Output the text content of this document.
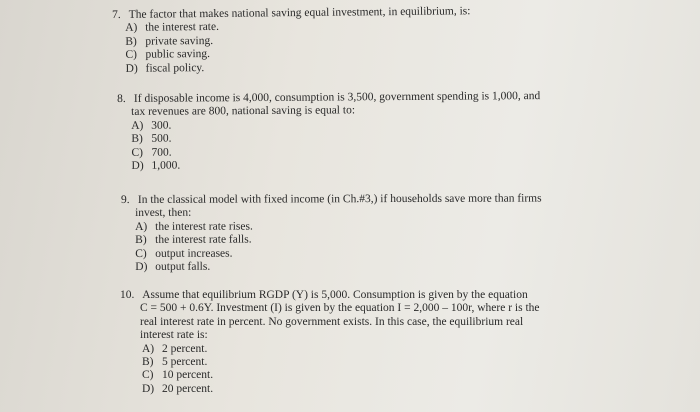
7. The factor that makes national saving equal investment, in equilibrium, is:
A) the interest rate.
B) private saving.
C) public saving.
D) fiscal policy.
8. If disposable income is 4,000, consumption is 3,500, government spending is 1,000, and
tax revenues are 800, national saving is equal to:
A) 300.
B) 500.
C) 700.
D) 1,000.
9. In the classical model with fixed income (in Ch.#3,) if households save more than firms
invest, then:
A) the interest rate rises.
B) the interest rate falls.
C) output increases.
D) output falls.
10. Assume that equilibrium RGDP (Y) is 5,000. Consumption is given by the equation
C = 500 + 0.6Y. Investment (I) is given by the equation I = 2,000 – 100r, where r is the
real interest rate in percent. No government exists. In this case, the equilibrium real
interest rate is:
A) 2 percent.
B) 5 percent.
C) 10 percent.
D) 20 percent.
